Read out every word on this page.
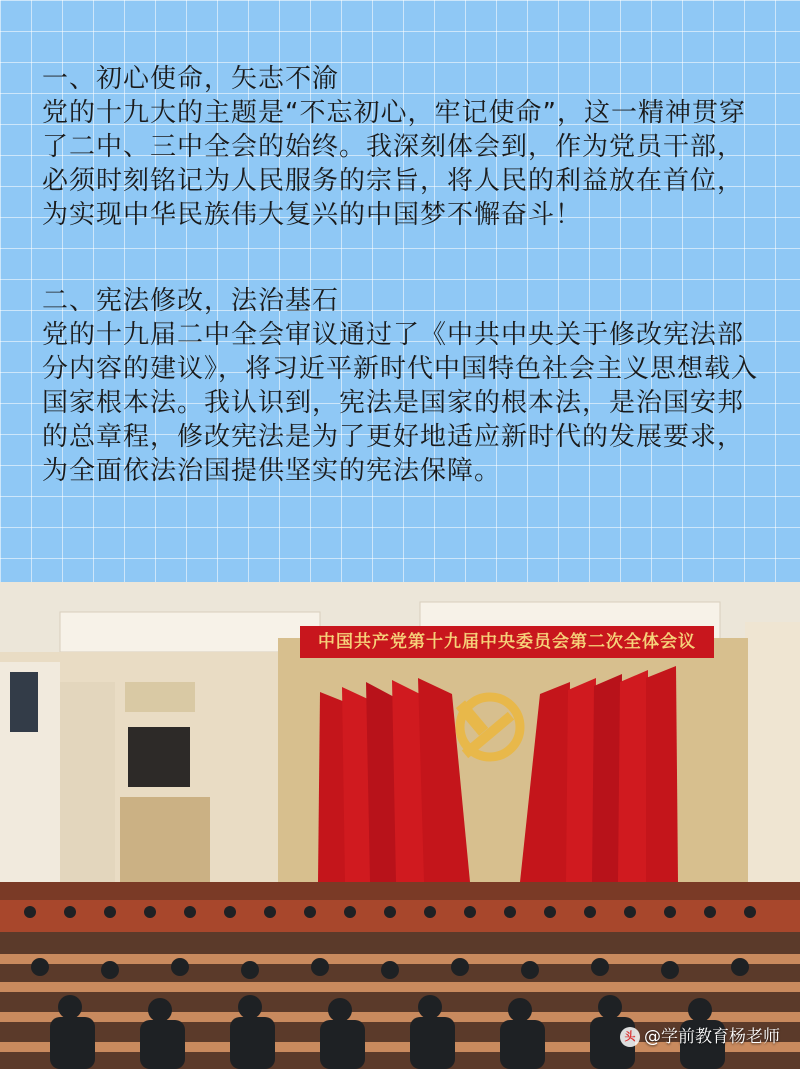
一、初心使命，矢志不渝

党的十九大的主题是“不忘初心，牢记使命”，这一精神贯穿了二中、三中全会的始终。我深刻体会到，作为党员干部，必须时刻铭记为人民服务的宗旨，将人民的利益放在首位，为实现中华民族伟大复兴的中国梦不懈奋斗！

二、宪法修改，法治基石

党的十九届二中全会审议通过了《中共中央关于修改宪法部分内容的建议》，将习近平新时代中国特色社会主义思想载入国家根本法。我认识到，宪法是国家的根本法，是治国安邦的总章程，修改宪法是为了更好地适应新时代的发展要求，为全面依法治国提供坚实的宪法保障。

中国共产党第十九届中央委员会第二次全体会议
头 @学前教育杨老师
